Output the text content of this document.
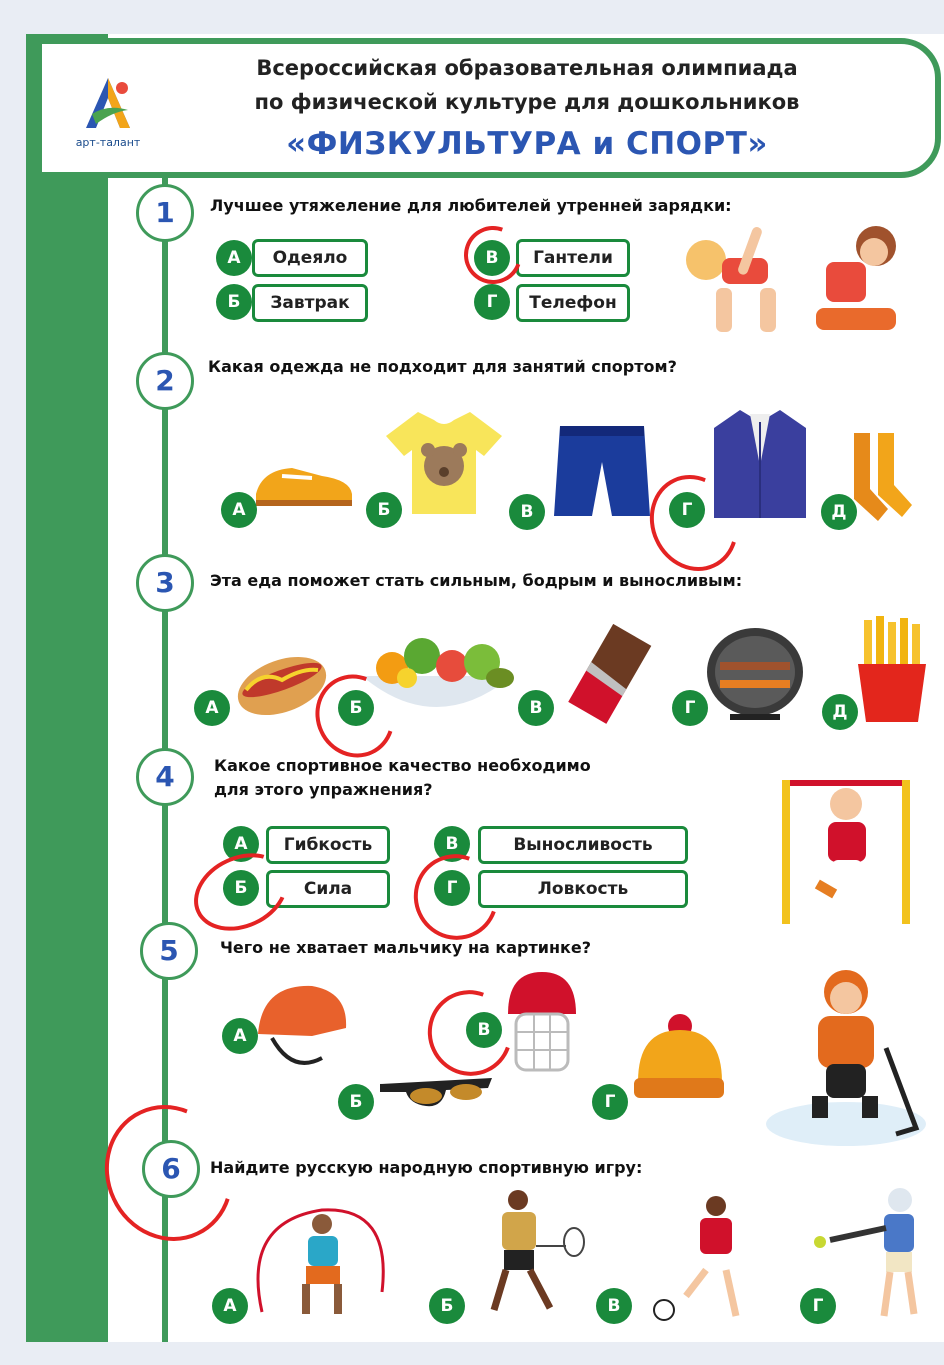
арт-талант
Всероссийская образовательная олимпиада
по физической культуре для дошкольников
«ФИЗКУЛЬТУРА и СПОРТ»
1	Лучшее утяжеление для любителей утренней зарядки:
А	Одеяло
Б	Завтрак
В	Гантели
Г	Телефон
2	Какая одежда не подходит для занятий спортом?
А	Б	В	Г	Д
3	Эта еда поможет стать сильным, бодрым и выносливым:
А	Б	В	Г	Д
4	Какое спортивное качество необходимо
для этого упражнения?
А	Гибкость
Б	Сила
В	Выносливость
Г	Ловкость
5	Чего не хватает мальчику на картинке?
А
Б
В
Г
6	Найдите русскую народную спортивную игру:
А	Б	В	Г
